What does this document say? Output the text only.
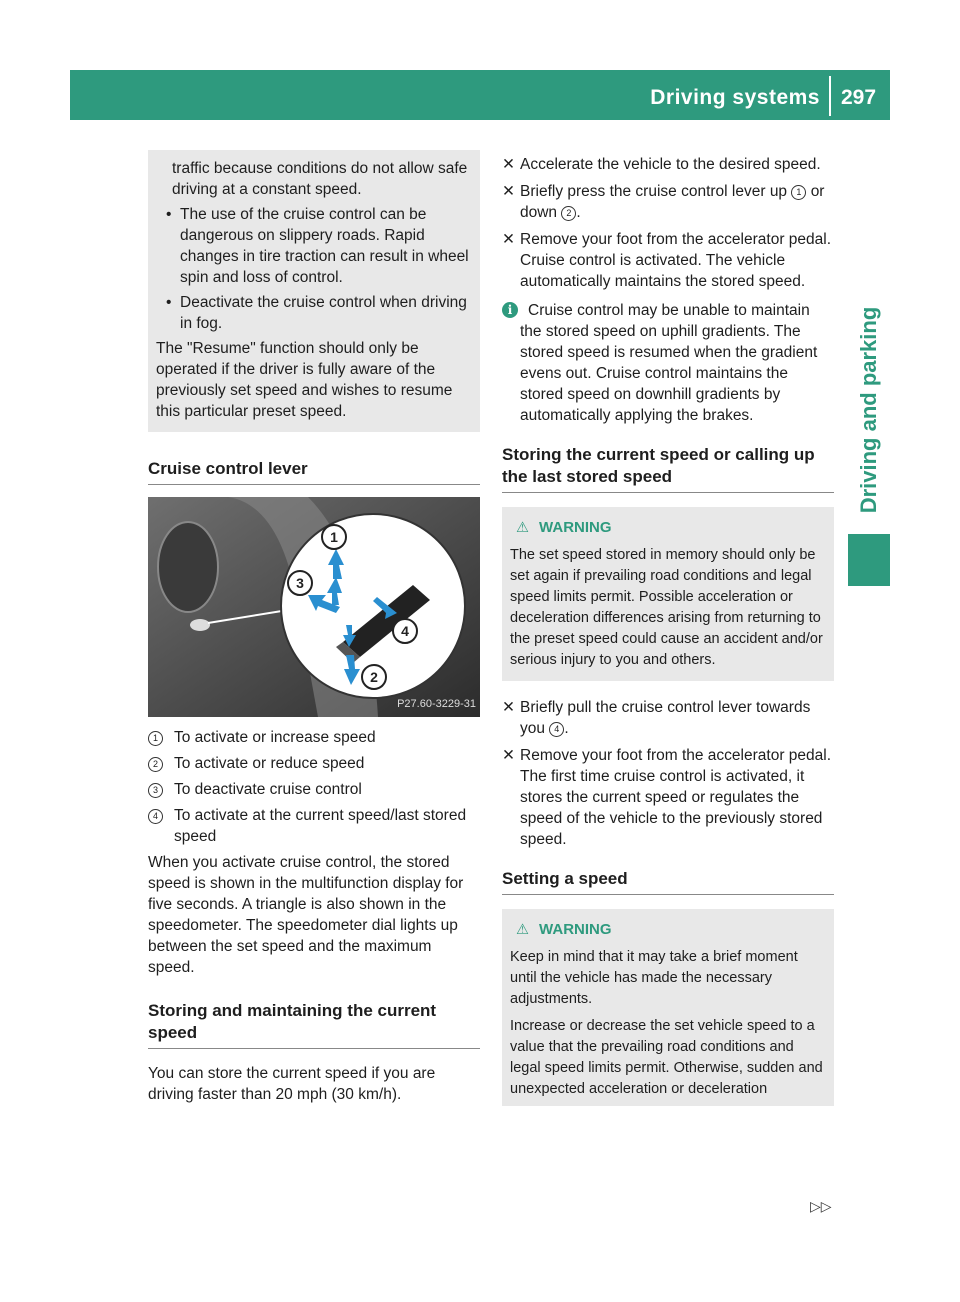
Driving systems 297
Driving and parking

traffic because conditions do not allow safe driving at a constant speed.

• The use of the cruise control can be dangerous on slippery roads. Rapid changes in tire traction can result in wheel spin and loss of control.
• Deactivate the cruise control when driving in fog.

The "Resume" function should only be operated if the driver is fully aware of the previously set speed and wishes to resume this particular preset speed.

Cruise control lever
1
2
3
4
P27.60-3229-31
1	To activate or increase speed
2	To activate or reduce speed
3	To deactivate cruise control
4	To activate at the current speed/last stored speed

When you activate cruise control, the stored speed is shown in the multifunction display for five seconds. A triangle is also shown in the speedometer. The speedometer dial lights up between the set speed and the maximum speed.

Storing and maintaining the current speed

You can store the current speed if you are driving faster than 20 mph (30 km/h).

✕ Accelerate the vehicle to the desired speed.
✕ Briefly press the cruise control lever up 1 or down 2 .
✕ Remove your foot from the accelerator pedal.
Cruise control is activated. The vehicle automatically maintains the stored speed.
i	Cruise control may be unable to maintain the stored speed on uphill gradients. The stored speed is resumed when the gradient evens out. Cruise control maintains the stored speed on downhill gradients by automatically applying the brakes.
Storing the current speed or calling up the last stored speed
⚠ WARNING

The set speed stored in memory should only be set again if prevailing road conditions and legal speed limits permit. Possible acceleration or deceleration differences arising from returning to the preset speed could cause an accident and/or serious injury to you and others.

✕ Briefly pull the cruise control lever towards you 4 .
✕ Remove your foot from the accelerator pedal.
The first time cruise control is activated, it stores the current speed or regulates the speed of the vehicle to the previously stored speed.
Setting a speed
⚠ WARNING

Keep in mind that it may take a brief moment until the vehicle has made the necessary adjustments.

Increase or decrease the set vehicle speed to a value that the prevailing road conditions and legal speed limits permit. Otherwise, sudden and unexpected acceleration or deceleration

▷▷
